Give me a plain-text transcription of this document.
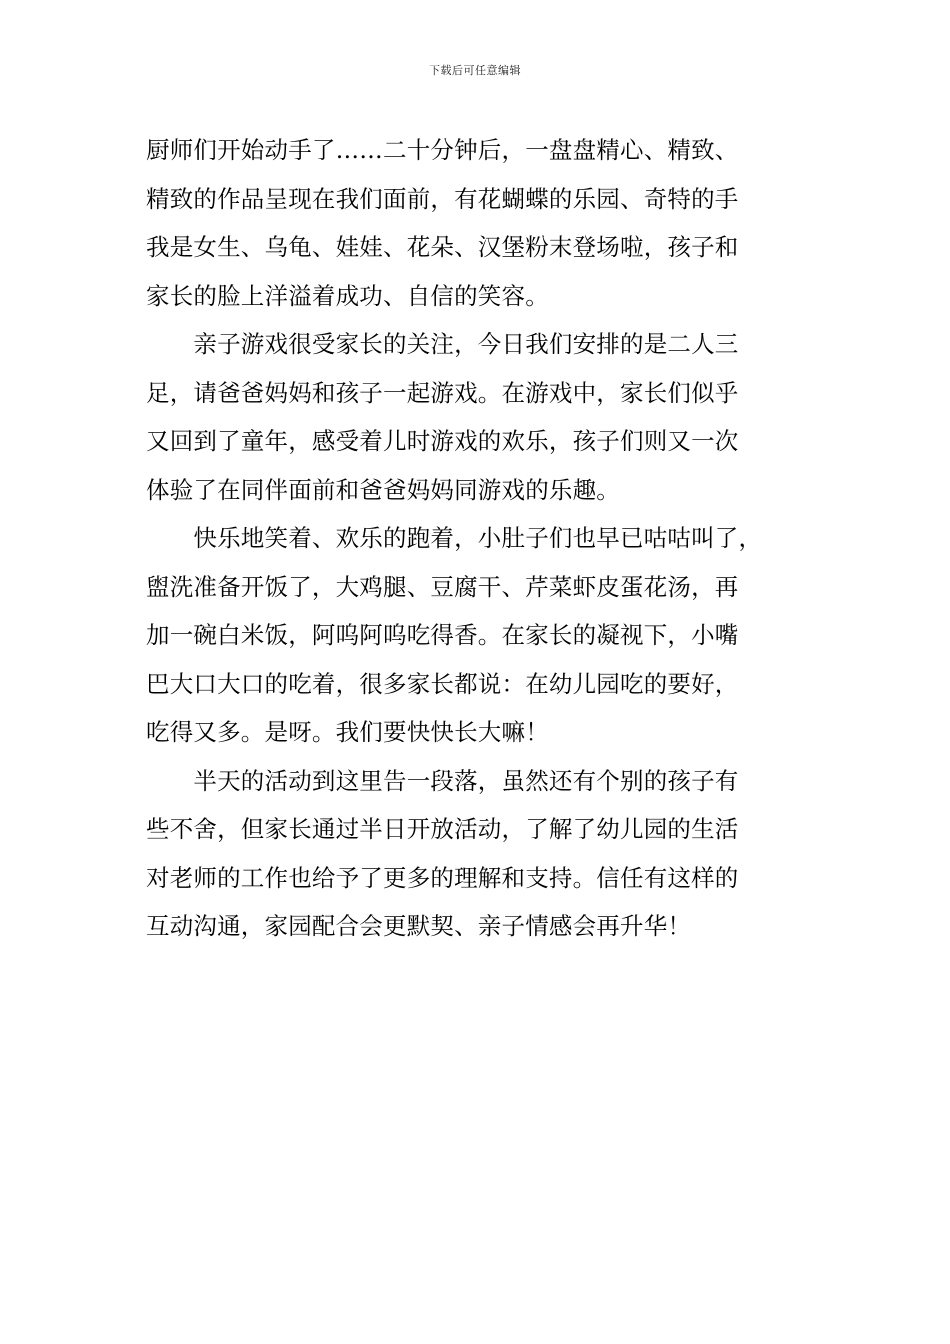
下载后可任意编辑
厨师们开始动手了……二十分钟后，一盘盘精心、精致、
精致的作品呈现在我们面前，有花蝴蝶的乐园、奇特的手
我是女生、乌龟、娃娃、花朵、汉堡粉末登场啦，孩子和
家长的脸上洋溢着成功、自信的笑容。
　　亲子游戏很受家长的关注，今日我们安排的是二人三
足，请爸爸妈妈和孩子一起游戏。在游戏中，家长们似乎
又回到了童年，感受着儿时游戏的欢乐，孩子们则又一次
体验了在同伴面前和爸爸妈妈同游戏的乐趣。
　　快乐地笑着、欢乐的跑着，小肚子们也早已咕咕叫了，
盥洗准备开饭了，大鸡腿、豆腐干、芹菜虾皮蛋花汤，再
加一碗白米饭，阿呜阿呜吃得香。在家长的凝视下，小嘴
巴大口大口的吃着，很多家长都说：在幼儿园吃的要好，
吃得又多。是呀。我们要快快长大嘛！
　　半天的活动到这里告一段落，虽然还有个别的孩子有
些不舍，但家长通过半日开放活动，了解了幼儿园的生活
对老师的工作也给予了更多的理解和支持。信任有这样的
互动沟通，家园配合会更默契、亲子情感会再升华！
